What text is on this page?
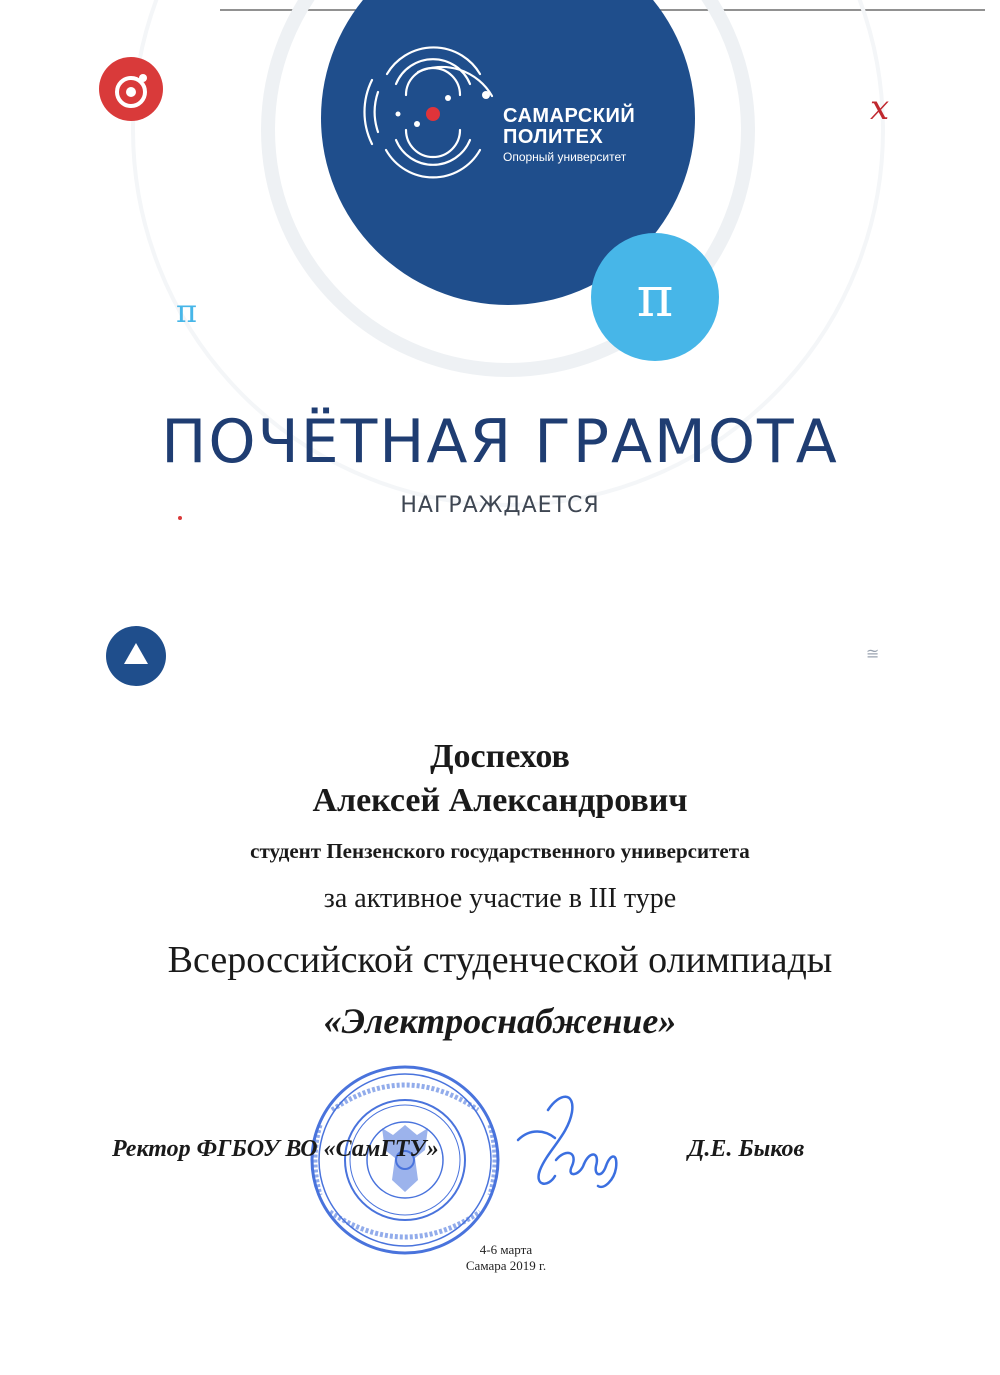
САМАРСКИЙ
ПОЛИТЕХ
Опорный университет
π
π
x
≅
ПОЧЁТНАЯ ГРАМОТА
НАГРАЖДАЕТСЯ
Доспехов
Алексей Александрович
студент Пензенского государственного университета
за активное участие в III туре
Всероссийской студенческой олимпиады
«Электроснабжение»
Ректор ФГБОУ ВО «СамГТУ»	Д.Е. Быков
4-6 марта
Самара 2019 г.
